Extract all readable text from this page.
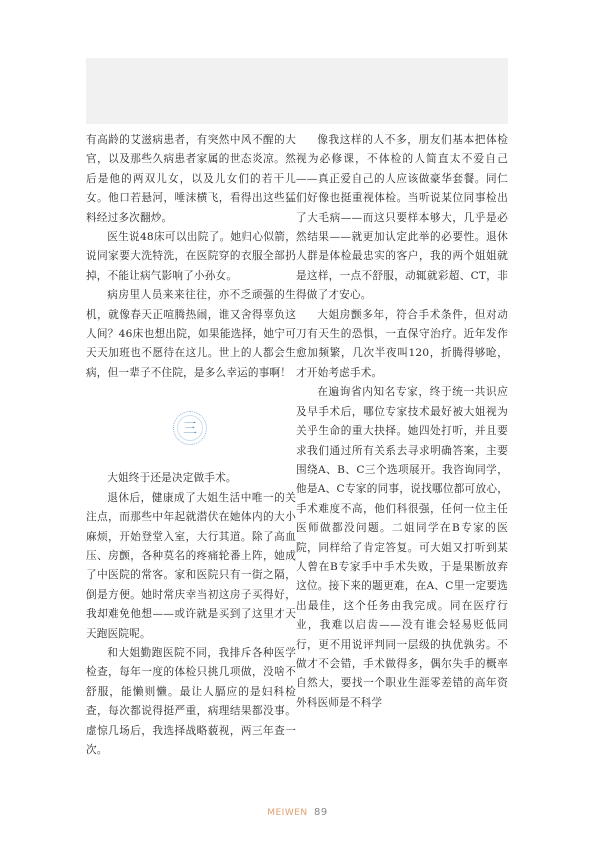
有高龄的艾滋病患者，有突然中风不醒的大官，以及那些久病患者家属的世态炎凉。然后是他的两双儿女，以及儿女们的若干儿女。他口若悬河，唾沫横飞，看得出这些猛料经过多次翻炒。

医生说48床可以出院了。她归心似箭，说同家要大洗特洗，在医院穿的衣服全部扔掉，不能让病气影响了小孙女。

病房里人员来来往往，亦不乏顽强的生机，就像春天正喧腾热闹，谁又舍得辜负这人间？46床也想出院，如果能选择，她宁可天天加班也不愿待在这儿。世上的人都会生病，但一辈子不住院，是多么幸运的事啊！

三

大姐终于还是决定做手术。

退休后，健康成了大姐生活中唯一的关注点，而那些中年起就潜伏在她体内的大小麻烦，开始登堂入室，大行其道。除了高血压、房颤，各种莫名的疼痛轮番上阵，她成了中医院的常客。家和医院只有一街之隔，倒是方便。她时常庆幸当初这房子买得好，我却难免他想——或许就是买到了这里才天天跑医院呢。

和大姐勤跑医院不同，我排斥各种医学检查，每年一度的体检只挑几项做，没啥不舒服，能懒则懒。最让人膈应的是妇科检查，每次都说得挺严重，病理结果都没事。虚惊几场后，我选择战略藐视，两三年查一次。

像我这样的人不多，朋友们基本把体检视为必修课，不体检的人简直太不爱自己——真正爱自己的人应该做豪华套餐。同仁们好像也挺重视体检。当听说某位同事检出了大毛病——而这只要样本够大，几乎是必然结果——就更加认定此举的必要性。退休人群是体检最忠实的客户，我的两个姐姐就是这样，一点不舒服，动辄就彩超、CT，非得做了才安心。

大姐房颤多年，符合手术条件，但对动刀有天生的恐惧，一直保守治疗。近年发作愈加频繁，几次半夜叫120，折腾得够呛，才开始考虑手术。

在遍询省内知名专家，终于统一共识应及早手术后，哪位专家技术最好被大姐视为关乎生命的重大抉择。她四处打听，并且要求我们通过所有关系去寻求明确答案，主要围绕A、B、C三个选项展开。我咨询同学，他是A、C专家的同事，说找哪位都可放心，手术难度不高，他们科很强，任何一位主任医师做都没问题。二姐同学在B专家的医院，同样给了肯定答复。可大姐又打听到某人曾在B专家手中手术失败，于是果断放弃这位。接下来的题更难，在A、C里一定要选出最佳，这个任务由我完成。同在医疗行业，我难以启齿——没有谁会轻易贬低同行，更不用说评判同一层级的执优孰劣。不做才不会错，手术做得多，偶尔失手的概率自然大，要找一个职业生涯零差错的高年资外科医师是不科学

MEIWEN 89
